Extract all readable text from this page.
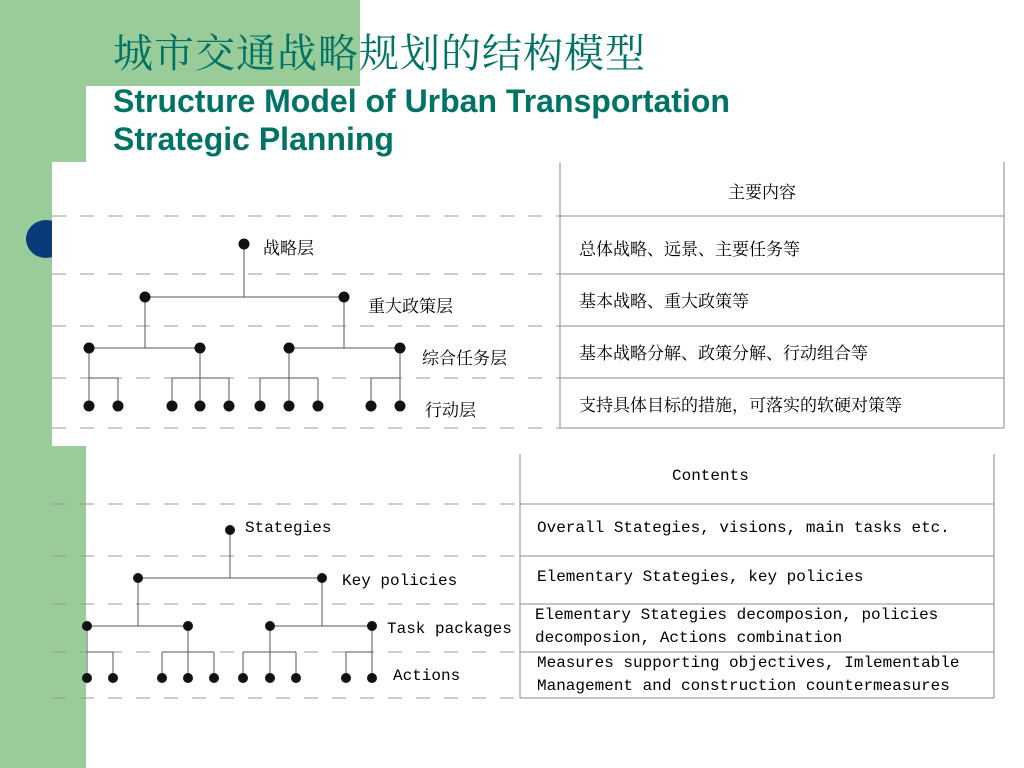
城市交通战略规划的结构模型
Structure Model of Urban Transportation
Strategic Planning
战略层
重大政策层
综合任务层
行动层
主要内容
总体战略、远景、主要任务等
基本战略、重大政策等
基本战略分解、政策分解、行动组合等
支持具体目标的措施，可落实的软硬对策等
Stategies
Key policies
Task packages
Actions
Contents
Overall Stategies, visions, main tasks etc.
Elementary Stategies, key policies
Elementary Stategies decomposion, policies
decomposion, Actions combination
Measures supporting objectives, Imlementable
Management and construction countermeasures
